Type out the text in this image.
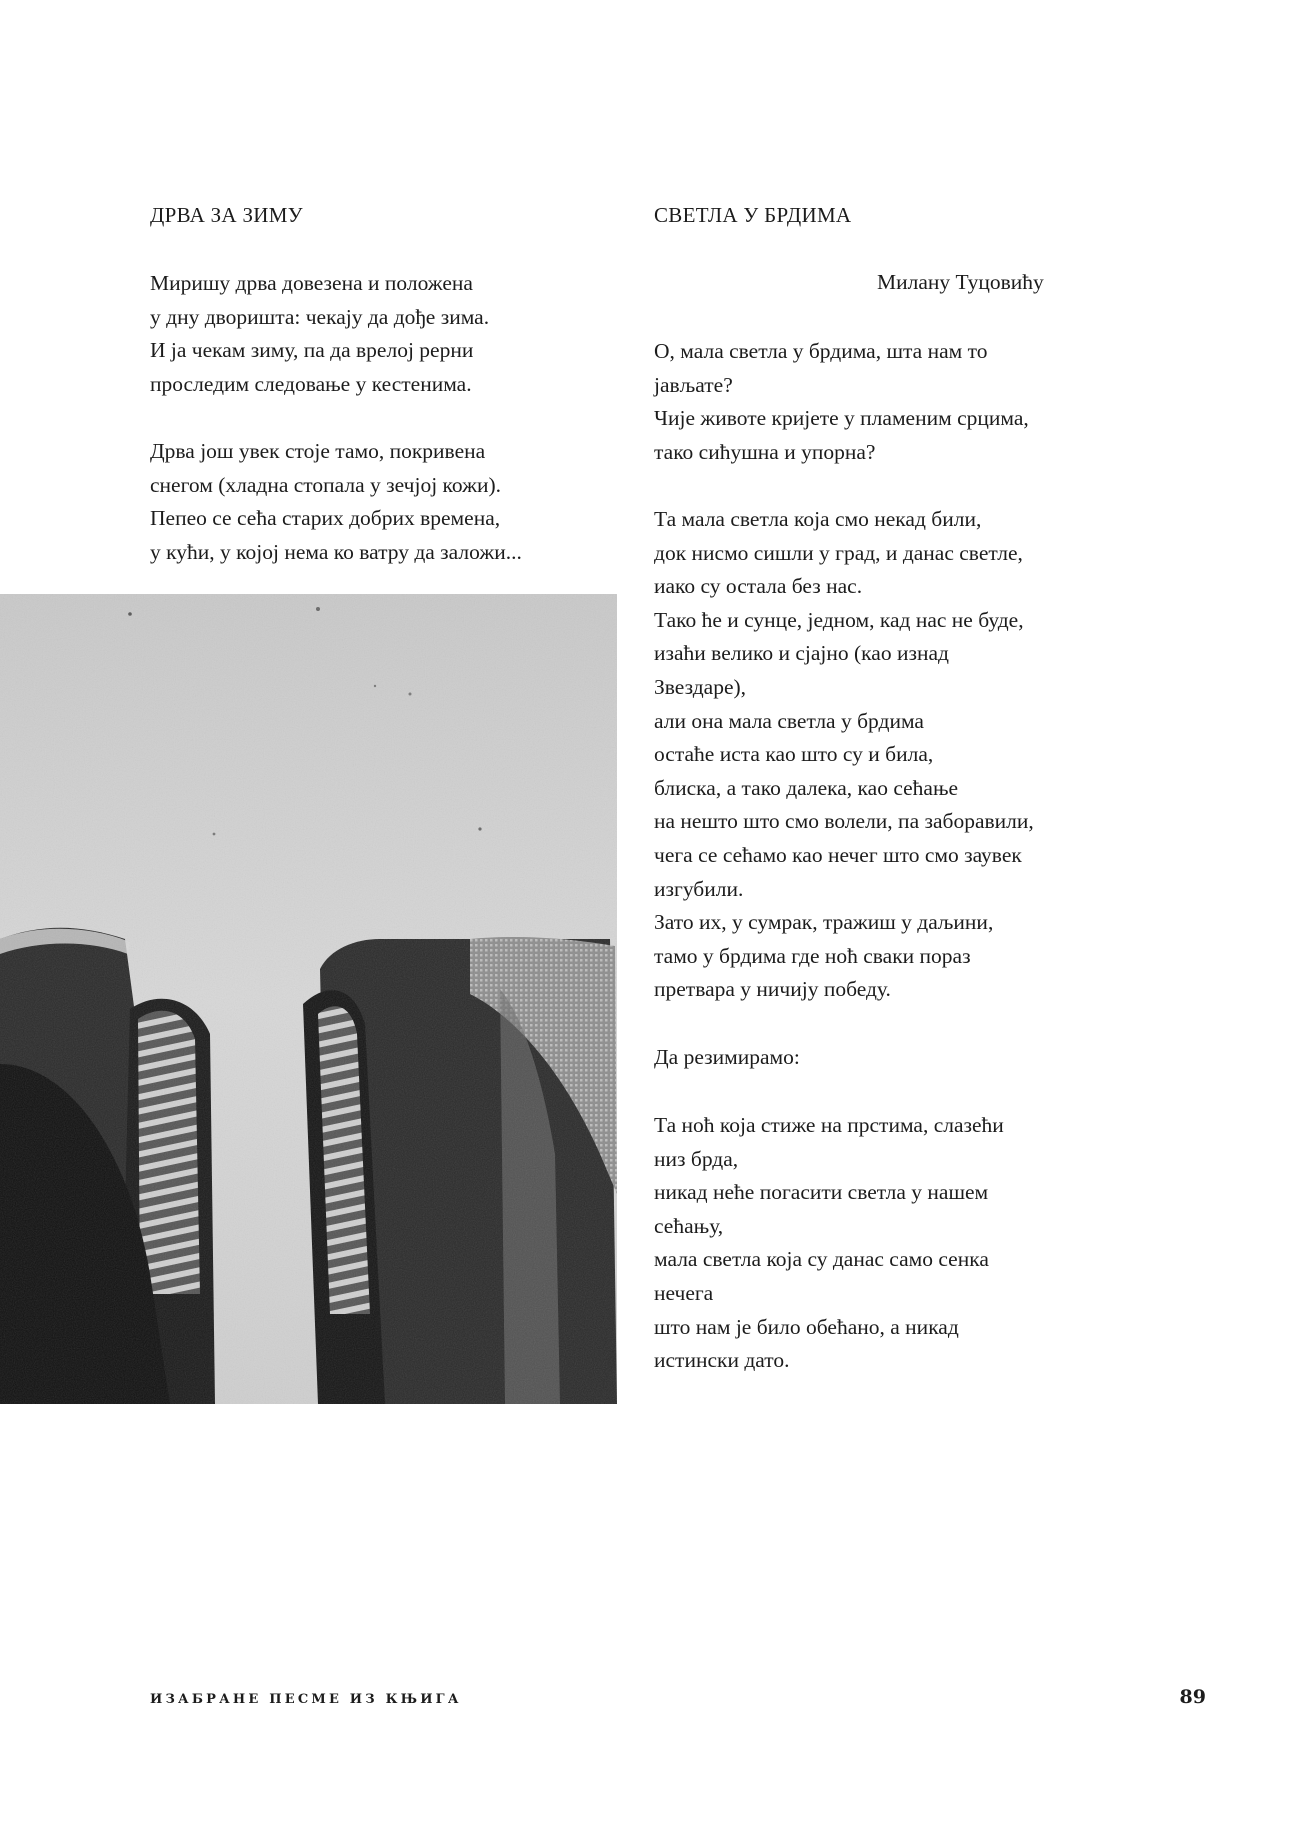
ДРВА ЗА ЗИМУ
Миришу дрва довезена и положена
у дну дворишта: чекају да дође зима.
И ја чекам зиму, па да врелој рерни
проследим следовање у кестенима.
Дрва још увек стоје тамо, покривена
снегом (хладна стопала у зечјој кожи).
Пепео се сећа старих добрих времена,
у кући, у којој нема ко ватру да заложи...
СВЕТЛА У БРДИМА
Милану Туцовићу
О, мала светла у брдима, шта нам то
јављате?
Чије животе кријете у пламеним срцима,
тако сићушна и упорна?
Та мала светла која смо некад били,
док нисмо сишли у град, и данас светле,
иако су остала без нас.
Тако ће и сунце, једном, кад нас не буде,
изаћи велико и сјајно (као изнад
Звездаре),
али она мала светла у брдима
остаће иста као што су и била,
блиска, а тако далека, као сећање
на нешто што смо волели, па заборавили,
чега се сећамо као нечег што смо заувек
изгубили.
Зато их, у сумрак, тражиш у даљини,
тамо у брдима где ноћ сваки пораз
претвара у ничију победу.
Да резимирамо:
Та ноћ која стиже на прстима, слазећи
низ брда,
никад неће погасити светла у нашем
сећању,
мала светла која су данас само сенка
нечега
што нам је било обећано, а никад
истински дато.
ИЗАБРАНЕ ПЕСМЕ ИЗ КЊИГА	89
